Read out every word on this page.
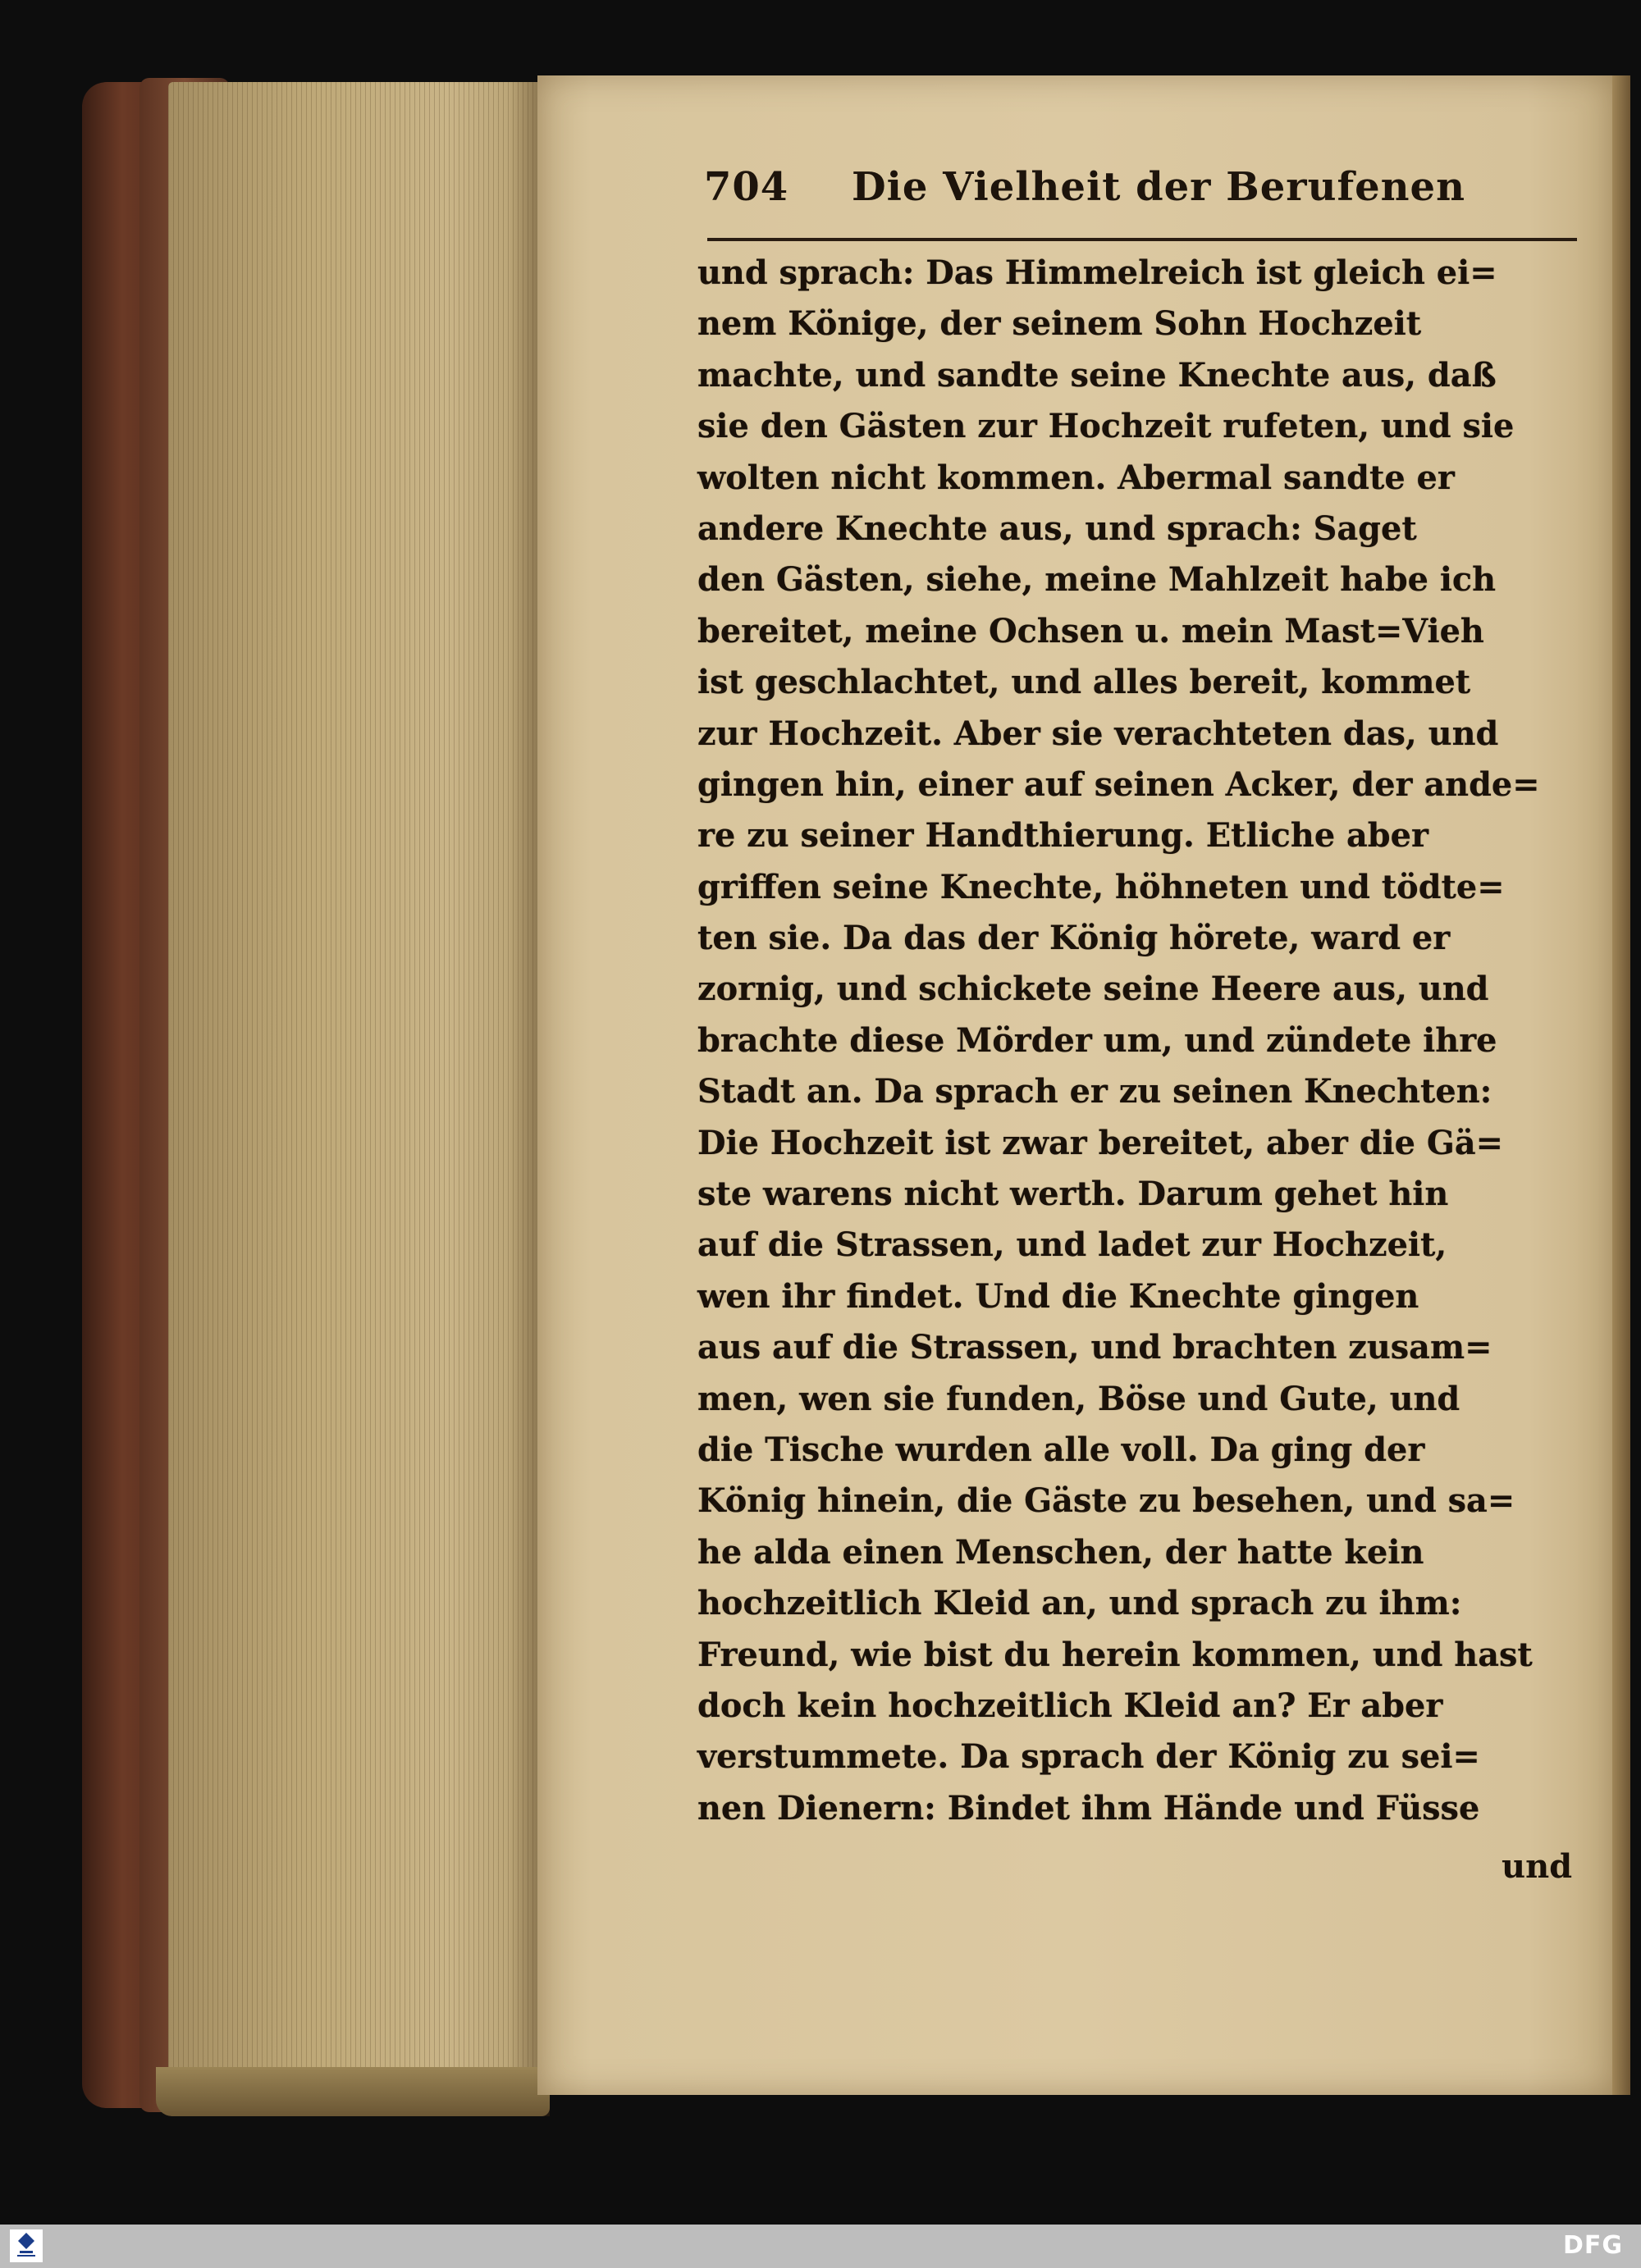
704 Die Vielheit der Berufenen
und sprach: Das Himmelreich ist gleich ei=
nem Könige, der seinem Sohn Hochzeit
machte, und sandte seine Knechte aus, daß
sie den Gästen zur Hochzeit rufeten, und sie
wolten nicht kommen. Abermal sandte er
andere Knechte aus, und sprach: Saget
den Gästen, siehe, meine Mahlzeit habe ich
bereitet, meine Ochsen u. mein Mast=Vieh
ist geschlachtet, und alles bereit, kommet
zur Hochzeit. Aber sie verachteten das, und
gingen hin, einer auf seinen Acker, der ande=
re zu seiner Handthierung. Etliche aber
griffen seine Knechte, höhneten und tödte=
ten sie. Da das der König hörete, ward er
zornig, und schickete seine Heere aus, und
brachte diese Mörder um, und zündete ihre
Stadt an. Da sprach er zu seinen Knechten:
Die Hochzeit ist zwar bereitet, aber die Gä=
ste warens nicht werth. Darum gehet hin
auf die Strassen, und ladet zur Hochzeit,
wen ihr findet. Und die Knechte gingen
aus auf die Strassen, und brachten zusam=
men, wen sie funden, Böse und Gute, und
die Tische wurden alle voll. Da ging der
König hinein, die Gäste zu besehen, und sa=
he alda einen Menschen, der hatte kein
hochzeitlich Kleid an, und sprach zu ihm:
Freund, wie bist du herein kommen, und hast
doch kein hochzeitlich Kleid an? Er aber
verstummete. Da sprach der König zu sei=
nen Dienern: Bindet ihm Hände und Füsse
und
DFG
